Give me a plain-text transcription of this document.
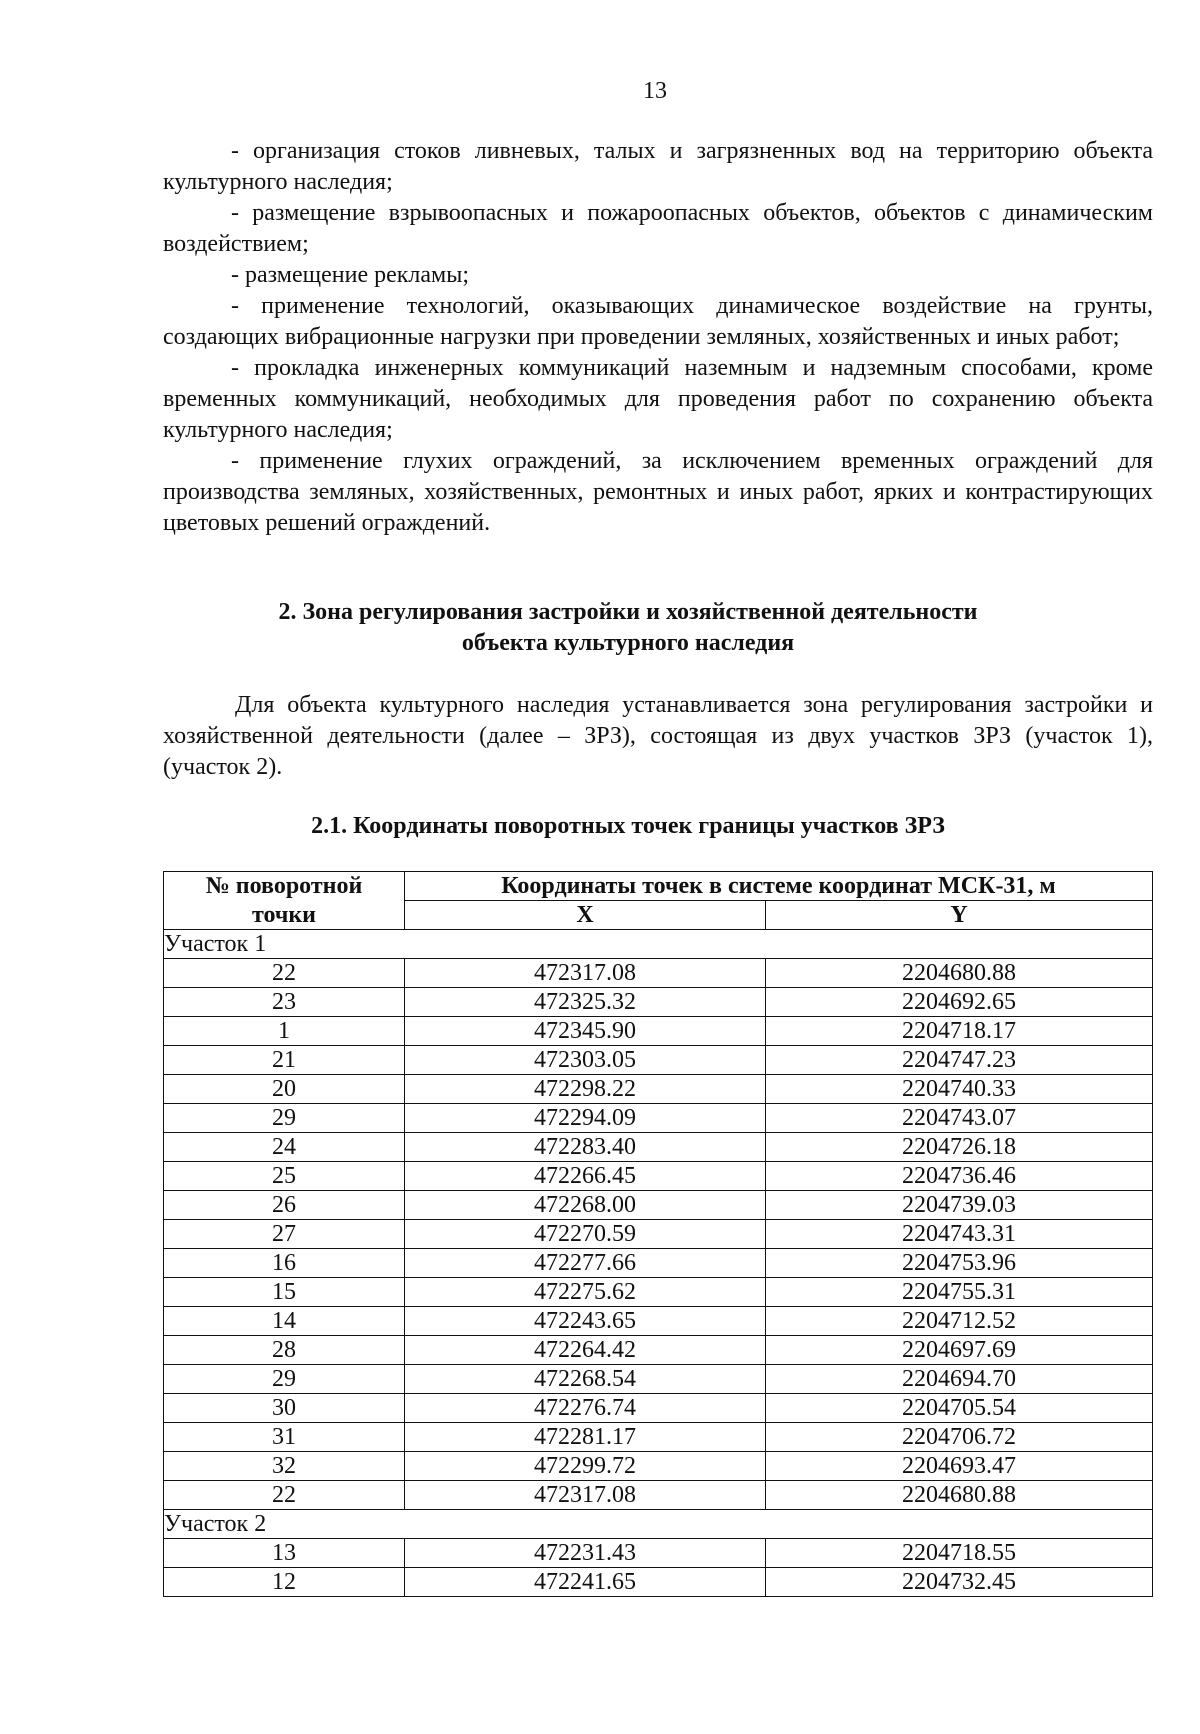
13

- организация стоков ливневых, талых и загрязненных вод на территорию объекта культурного наследия;

- размещение взрывоопасных и пожароопасных объектов, объектов с динамическим воздействием;

- размещение рекламы;

- применение технологий, оказывающих динамическое воздействие на грунты, создающих вибрационные нагрузки при проведении земляных, хозяйственных и иных работ;

- прокладка инженерных коммуникаций наземным и надземным способами, кроме временных коммуникаций, необходимых для проведения работ по сохранению объекта культурного наследия;

- применение глухих ограждений, за исключением временных ограждений для производства земляных, хозяйственных, ремонтных и иных работ, ярких и контрастирующих цветовых решений ограждений.

2. Зона регулирования застройки и хозяйственной деятельности
объекта культурного наследия

Для объекта культурного наследия устанавливается зона регулирования застройки и хозяйственной деятельности (далее – ЗРЗ), состоящая из двух участков ЗРЗ (участок 1), (участок 2).

2.1. Координаты поворотных точек границы участков ЗРЗ
№ поворотной	Координаты точек в системе координат МСК-31, м	
точки	X	Y
Участок 1		
22	472317.08	2204680.88
23	472325.32	2204692.65
1	472345.90	2204718.17
21	472303.05	2204747.23
20	472298.22	2204740.33
29	472294.09	2204743.07
24	472283.40	2204726.18
25	472266.45	2204736.46
26	472268.00	2204739.03
27	472270.59	2204743.31
16	472277.66	2204753.96
15	472275.62	2204755.31
14	472243.65	2204712.52
28	472264.42	2204697.69
29	472268.54	2204694.70
30	472276.74	2204705.54
31	472281.17	2204706.72
32	472299.72	2204693.47
22	472317.08	2204680.88
Участок 2		
13	472231.43	2204718.55
12	472241.65	2204732.45
